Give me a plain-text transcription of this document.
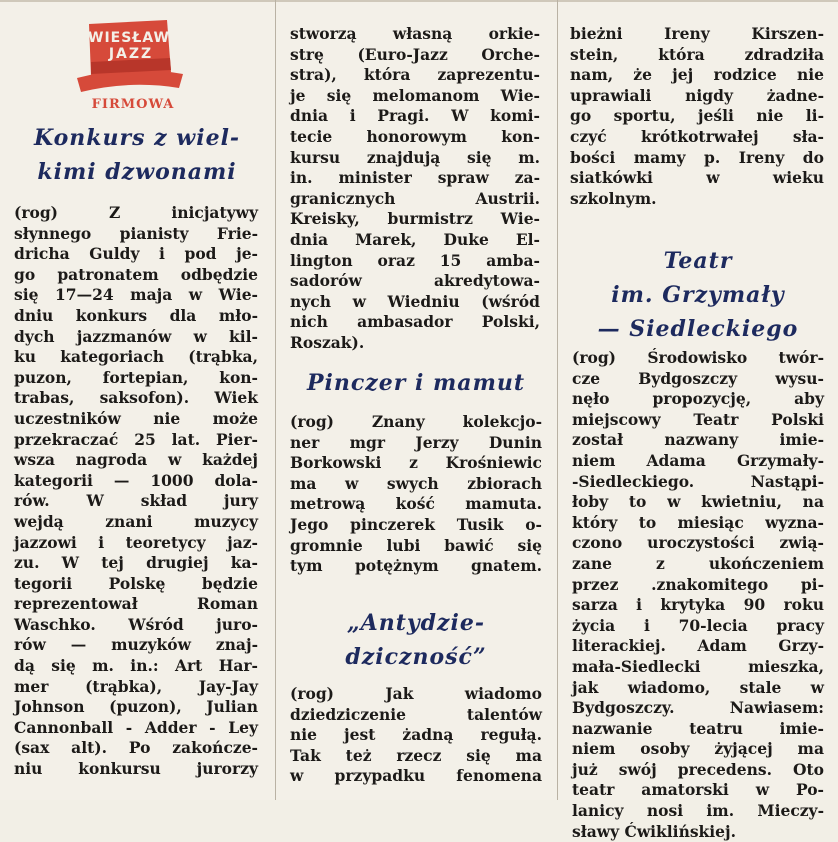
WIESŁAW
JAZZ
FIRMOWA
Konkurs z wiel-
kimi dzwonami
(rog) Z inicjatywy
słynnego pianisty Frie-
dricha Guldy i pod je-
go patronatem odbędzie
się 17—24 maja w Wie-
dniu konkurs dla mło-
dych jazzmanów w kil-
ku kategoriach (trąbka,
puzon, fortepian, kon-
trabas, saksofon). Wiek
uczestników nie może
przekraczać 25 lat. Pier-
wsza nagroda w każdej
kategorii — 1000 dola-
rów. W skład jury
wejdą znani muzycy
jazzowi i teoretycy jaz-
zu. W tej drugiej ka-
tegorii Polskę będzie
reprezentował Roman
Waschko. Wśród juro-
rów — muzyków znaj-
dą się m. in.: Art Har-
mer (trąbka), Jay-Jay
Johnson (puzon), Julian
Cannonball - Adder - Ley
(sax alt). Po zakończe-
niu konkursu jurorzy
stworzą własną orkie-
strę (Euro-Jazz Orche-
stra), która zaprezentu-
je się melomanom Wie-
dnia i Pragi. W komi-
tecie honorowym kon-
kursu znajdują się m.
in. minister spraw za-
granicznych Austrii.
Kreisky, burmistrz Wie-
dnia Marek, Duke El-
lington oraz 15 amba-
sadorów akredytowa-
nych w Wiedniu (wśród
nich ambasador Polski,
Roszak).
Pinczer i mamut
(rog) Znany kolekcjo-
ner mgr Jerzy Dunin
Borkowski z Krośniewic
ma w swych zbiorach
metrową kość mamuta.
Jego pinczerek Tusik o-
gromnie lubi bawić się
tym potężnym gnatem.
„Antydzie-
dziczność”
(rog) Jak wiadomo
dziedziczenie talentów
nie jest żadną regułą.
Tak też rzecz się ma
w przypadku fenomena
bieżni Ireny Kirszen-
stein, która zdradziła
nam, że jej rodzice nie
uprawiali nigdy żadne-
go sportu, jeśli nie li-
czyć krótkotrwałej sła-
bości mamy p. Ireny do
siatkówki w wieku
szkolnym.
Teatr
im. Grzymały
— Siedleckiego
(rog) Środowisko twór-
cze Bydgoszczy wysu-
nęło propozycję, aby
miejscowy Teatr Polski
został nazwany imie-
niem Adama Grzymały-
-Siedleckiego. Nastąpi-
łoby to w kwietniu, na
który to miesiąc wyzna-
czono uroczystości zwią-
zane z ukończeniem
przez .znakomitego pi-
sarza i krytyka 90 roku
życia i 70-lecia pracy
literackiej. Adam Grzy-
mała-Siedlecki mieszka,
jak wiadomo, stale w
Bydgoszczy. Nawiasem:
nazwanie teatru imie-
niem osoby żyjącej ma
już swój precedens. Oto
teatr amatorski w Po-
lanicy nosi im. Mieczy-
sławy Ćwiklińskiej.
